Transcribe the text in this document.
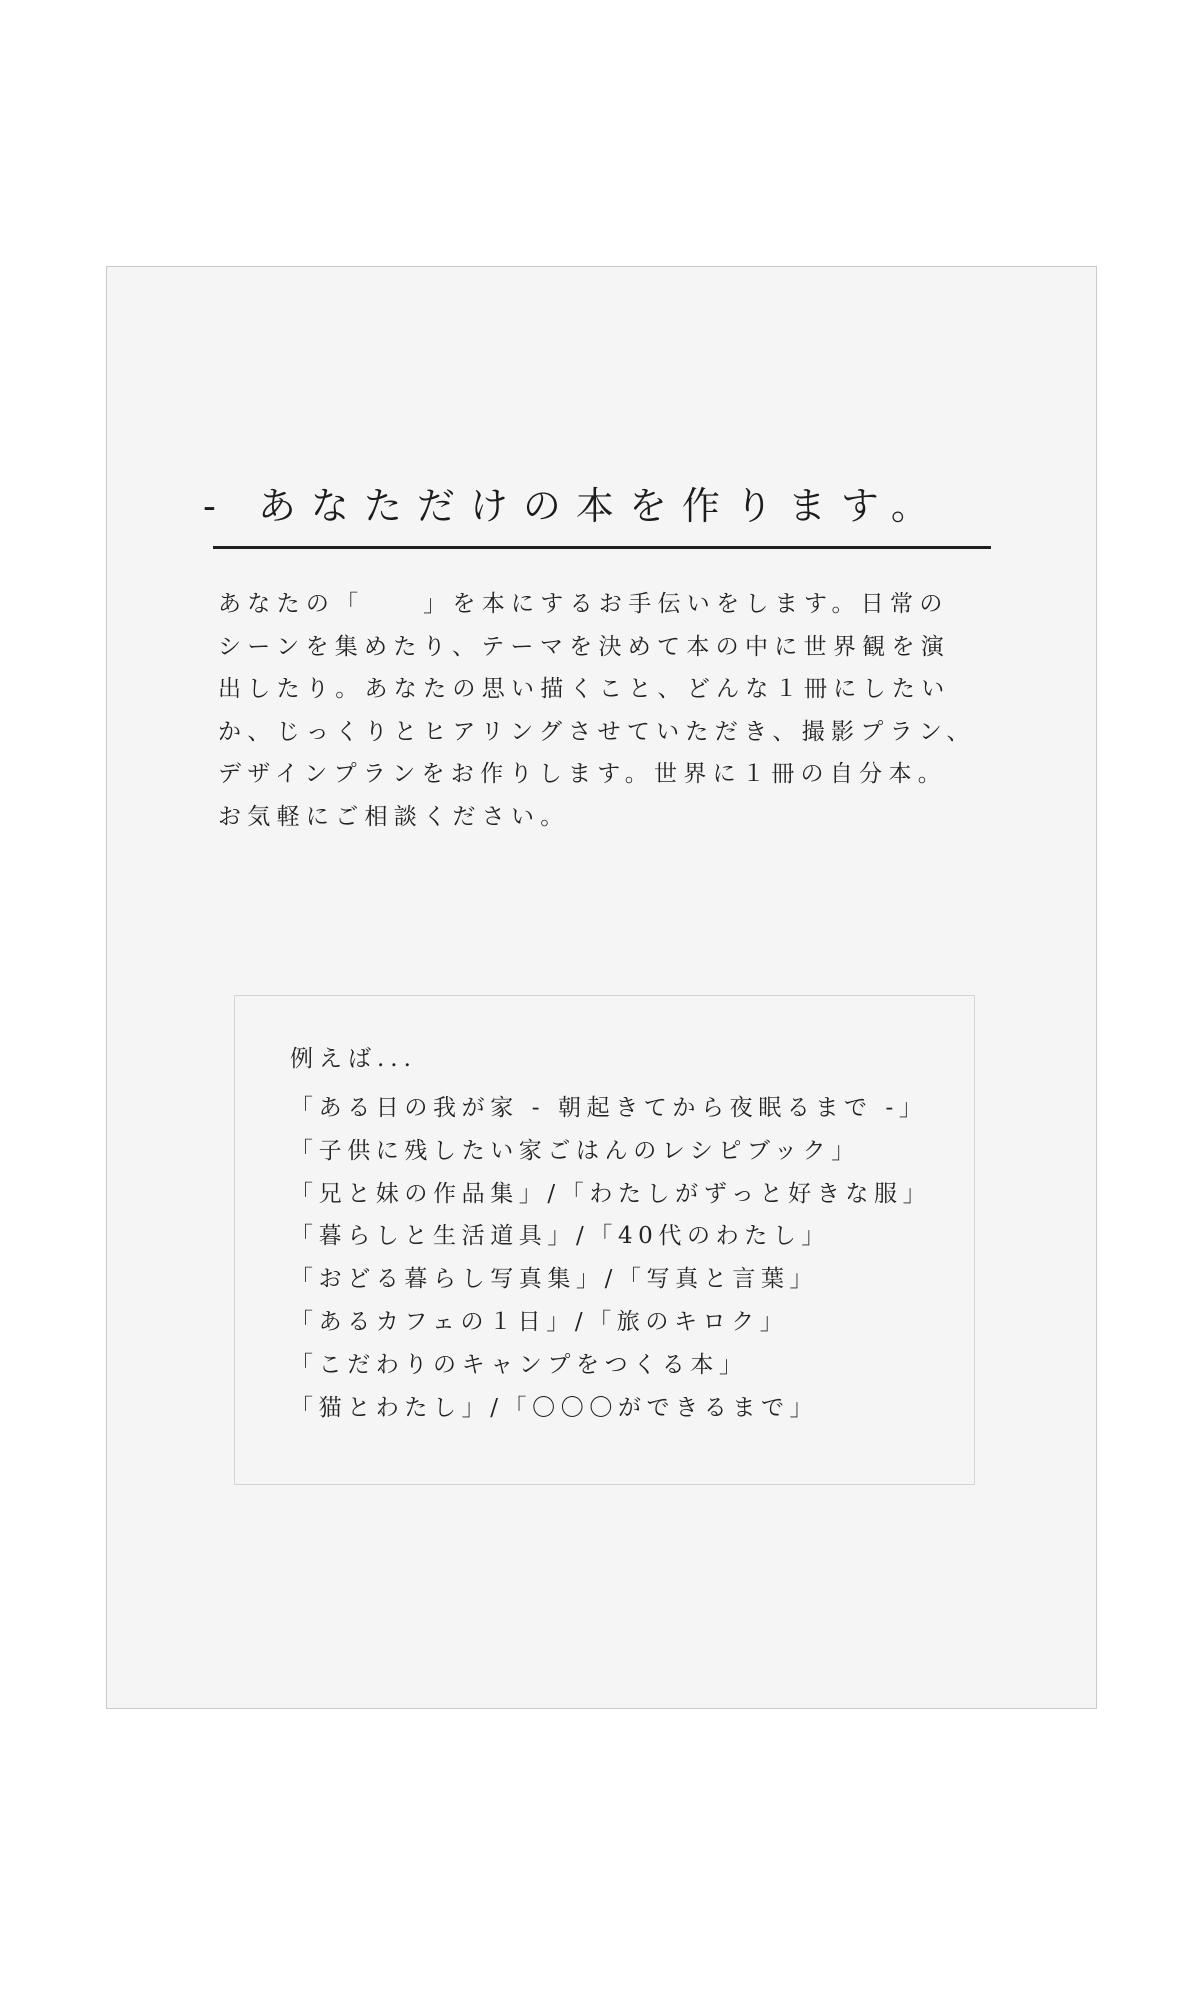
- あなただけの本を作ります。

あなたの「　　」を本にするお手伝いをします。日常の
シーンを集めたり、テーマを決めて本の中に世界観を演
出したり。あなたの思い描くこと、どんな１冊にしたい
か、じっくりとヒアリングさせていただき、撮影プラン、
デザインプランをお作りします。世界に１冊の自分本。
お気軽にご相談ください。

例えば...
「ある日の我が家 - 朝起きてから夜眠るまで -」
「子供に残したい家ごはんのレシピブック」
「兄と妹の作品集」/「わたしがずっと好きな服」
「暮らしと生活道具」/「40代のわたし」
「おどる暮らし写真集」/「写真と言葉」
「あるカフェの１日」/「旅のキロク」
「こだわりのキャンプをつくる本」
「猫とわたし」/「〇〇〇ができるまで」
